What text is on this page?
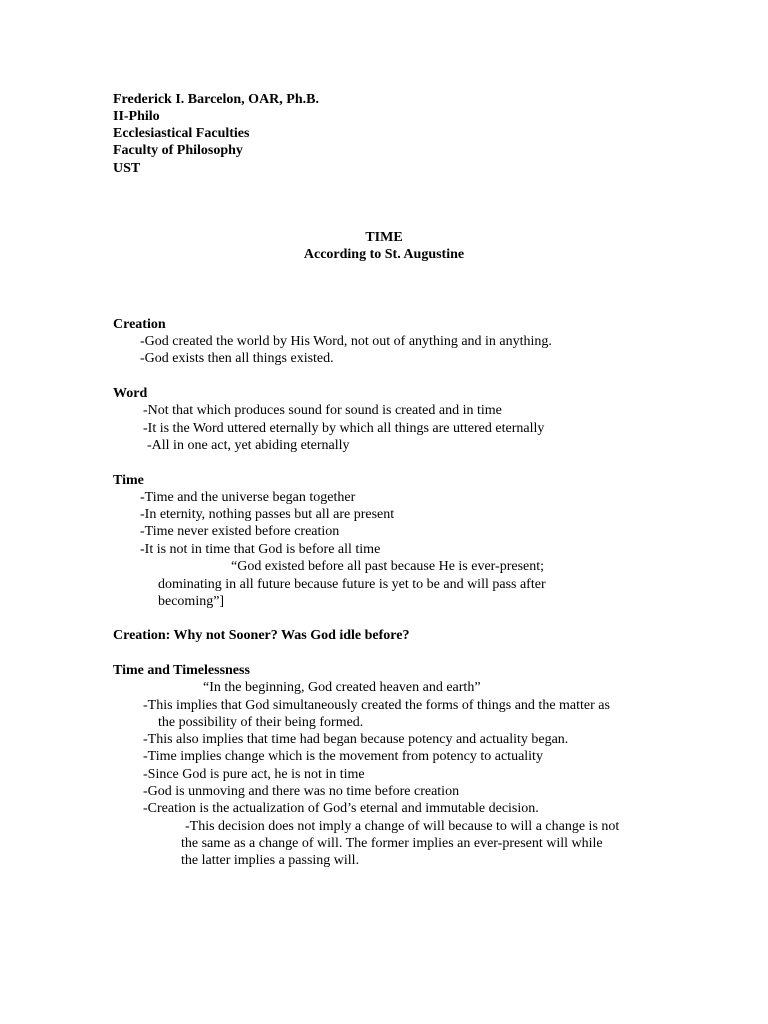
Frederick I. Barcelon, OAR, Ph.B.

II-Philo

Ecclesiastical Faculties

Faculty of Philosophy

UST

TIME

According to St. Augustine

Creation

-God created the world by His Word, not out of anything and in anything.

-God exists then all things existed.

Word

-Not that which produces sound for sound is created and in time

-It is the Word uttered eternally by which all things are uttered eternally

-All in one act, yet abiding eternally

Time

-Time and the universe began together

-In eternity, nothing passes but all are present

-Time never existed before creation

-It is not in time that God is before all time

“God existed before all past because He is ever-present;

dominating in all future because future is yet to be and will pass after

becoming”]

Creation: Why not Sooner? Was God idle before?

Time and Timelessness

“In the beginning, God created heaven and earth”

-This implies that God simultaneously created the forms of things and the matter as

the possibility of their being formed.

-This also implies that time had began because potency and actuality began.

-Time implies change which is the movement from potency to actuality

-Since God is pure act, he is not in time

-God is unmoving and there was no time before creation

-Creation is the actualization of God’s eternal and immutable decision.

-This decision does not imply a change of will because to will a change is not

the same as a change of will. The former implies an ever-present will while

the latter implies a passing will.
